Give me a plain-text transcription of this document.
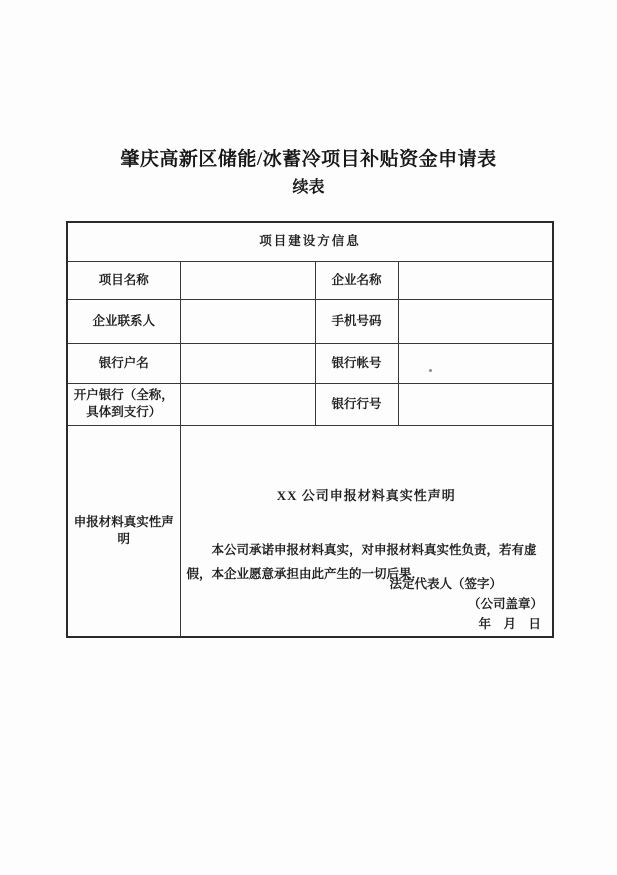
肇庆高新区储能/冰蓄冷项目补贴资金申请表
续表
项目建设方信息			
项目名称		企业名称	
企业联系人		手机号码	
银行户名		银行帐号	
开户银行（全称，具体到支行）		银行行号	
申报材料真实性声明	XX 公司申报材料真实性声明
本公司承诺申报材料真实，对申报材料真实性负责，若有虚假，本企业愿意承担由此产生的一切后果．
法定代表人（签字）
（公司盖章）
年　月　日		
